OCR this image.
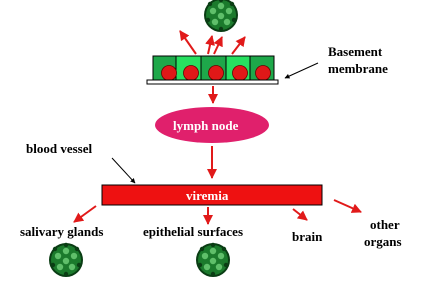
Basement
membrane
lymph node
blood vessel
viremia
salivary glands	epithelial surfaces	brain
other
organs
